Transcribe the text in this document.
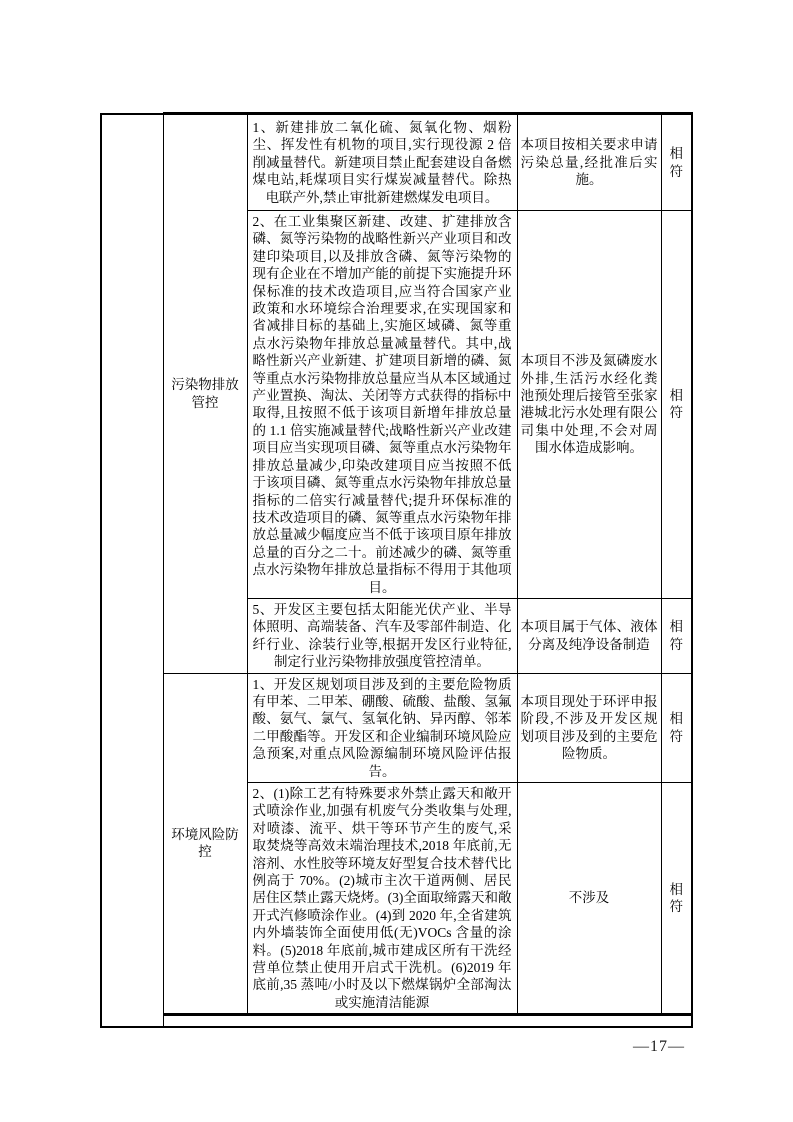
	污染物排放管控	1、新建排放二氧化硫、氮氧化物、烟粉尘、挥发性有机物的项目,实行现役源 2 倍削减量替代。新建项目禁止配套建设自备燃煤电站,耗煤项目实行煤炭减量替代。除热电联产外,禁止审批新建燃煤发电项目。	本项目按相关要求申请污染总量,经批准后实施。	相符
		2、在工业集聚区新建、改建、扩建排放含磷、氮等污染物的战略性新兴产业项目和改建印染项目,以及排放含磷、氮等污染物的现有企业在不增加产能的前提下实施提升环保标准的技术改造项目,应当符合国家产业政策和水环境综合治理要求,在实现国家和省减排目标的基础上,实施区域磷、氮等重点水污染物年排放总量减量替代。其中,战略性新兴产业新建、扩建项目新增的磷、氮等重点水污染物排放总量应当从本区域通过产业置换、淘汰、关闭等方式获得的指标中取得,且按照不低于该项目新增年排放总量的 1.1 倍实施减量替代;战略性新兴产业改建项目应当实现项目磷、氮等重点水污染物年排放总量减少,印染改建项目应当按照不低于该项目磷、氮等重点水污染物年排放总量指标的二倍实行减量替代;提升环保标准的技术改造项目的磷、氮等重点水污染物年排放总量减少幅度应当不低于该项目原年排放总量的百分之二十。前述减少的磷、氮等重点水污染物年排放总量指标不得用于其他项目。	本项目不涉及氮磷废水外排,生活污水经化粪池预处理后接管至张家港城北污水处理有限公司集中处理,不会对周围水体造成影响。	相符
		5、开发区主要包括太阳能光伏产业、半导体照明、高端装备、汽车及零部件制造、化纤行业、涂装行业等,根据开发区行业特征,制定行业污染物排放强度管控清单。	本项目属于气体、液体分离及纯净设备制造	相符
	环境风险防控	1、开发区规划项目涉及到的主要危险物质有甲苯、二甲苯、硼酸、硫酸、盐酸、氢氟酸、氨气、氯气、氢氧化钠、异丙醇、邻苯二甲酸酯等。开发区和企业编制环境风险应急预案,对重点风险源编制环境风险评估报告。	本项目现处于环评申报阶段,不涉及开发区规划项目涉及到的主要危险物质。	相符
		2、(1)除工艺有特殊要求外禁止露天和敞开式喷涂作业,加强有机废气分类收集与处理,对喷漆、流平、烘干等环节产生的废气,采取焚烧等高效末端治理技术,2018 年底前,无溶剂、水性胶等环境友好型复合技术替代比例高于 70%。(2)城市主次干道两侧、居民居住区禁止露天烧烤。(3)全面取缔露天和敞开式汽修喷涂作业。(4)到 2020 年,全省建筑内外墙装饰全面使用低(无)VOCs 含量的涂料。(5)2018 年底前,城市建成区所有干洗经营单位禁止使用开启式干洗机。(6)2019 年底前,35 蒸吨/小时及以下燃煤锅炉全部淘汰或实施清洁能源	不涉及	相符

—17—
